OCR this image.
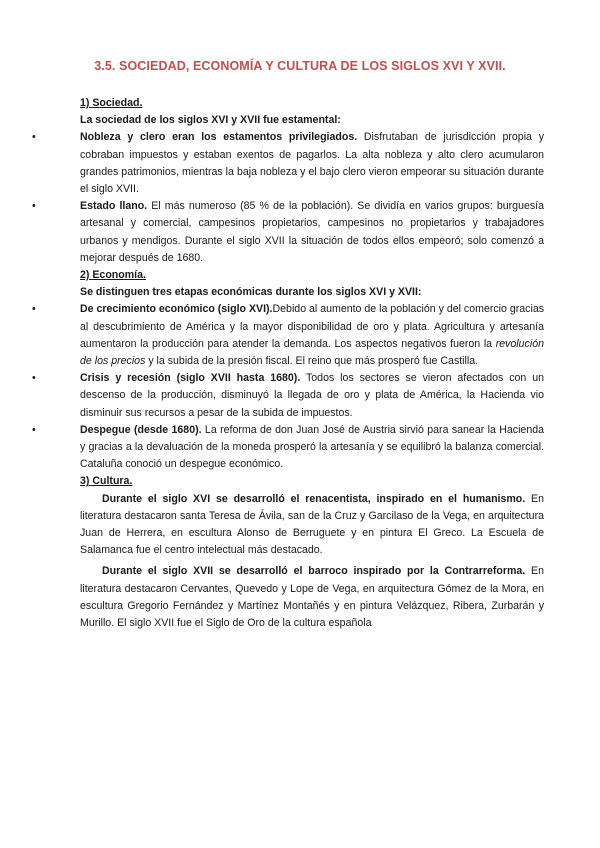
3.5. SOCIEDAD, ECONOMÍA Y CULTURA DE LOS SIGLOS XVI Y XVII.
1) Sociedad.
La sociedad de los siglos XVI y XVII fue estamental:
•	Nobleza y clero eran los estamentos privilegiados. Disfrutaban de jurisdicción propia y cobraban impuestos y estaban exentos de pagarlos. La alta nobleza y alto clero acumularon grandes patrimonios, mientras la baja nobleza y el bajo clero vieron empeorar su situación durante el siglo XVII.
•	Estado llano. El más numeroso (85 % de la población). Se dividía en varios grupos: burguesía artesanal y comercial, campesinos propietarios, campesinos no propietarios y trabajadores urbanos y mendigos. Durante el siglo XVII la situación de todos ellos empeoró; solo comenzó a mejorar después de 1680.
2) Economía.
Se distinguen tres etapas económicas durante los siglos XVI y XVII:
•	De crecimiento económico (siglo XVI).Debido al aumento de la población y del comercio gracias al descubrimiento de América y la mayor disponibilidad de oro y plata. Agricultura y artesanía aumentaron la producción para atender la demanda. Los aspectos negativos fueron la revolución de los precios y la subida de la presión fiscal. El reino que más prosperó fue Castilla.
•	Crisis y recesión (siglo XVII hasta 1680). Todos los sectores se vieron afectados con un descenso de la producción, disminuyó la llegada de oro y plata de América, la Hacienda vio disminuir sus recursos a pesar de la subida de impuestos.
•	Despegue (desde 1680). La reforma de don Juan José de Austria sirvió para sanear la Hacienda y gracias a la devaluación de la moneda prosperó la artesanía y se equilibró la balanza comercial. Cataluña conoció un despegue económico.
3) Cultura.
Durante el siglo XVI se desarrolló el renacentista, inspirado en el humanismo. En literatura destacaron santa Teresa de Ávila, san de la Cruz y Garcilaso de la Vega, en arquitectura Juan de Herrera, en escultura Alonso de Berruguete y en pintura El Greco. La Escuela de Salamanca fue el centro intelectual más destacado.
Durante el siglo XVII se desarrolló el barroco inspirado por la Contrarreforma. En literatura destacaron Cervantes, Quevedo y Lope de Vega, en arquitectura Gómez de la Mora, en escultura Gregorio Fernández y Martínez Montañés y en pintura Velázquez, Ribera, Zurbarán y Murillo. El siglo XVII fue el Siglo de Oro de la cultura española
